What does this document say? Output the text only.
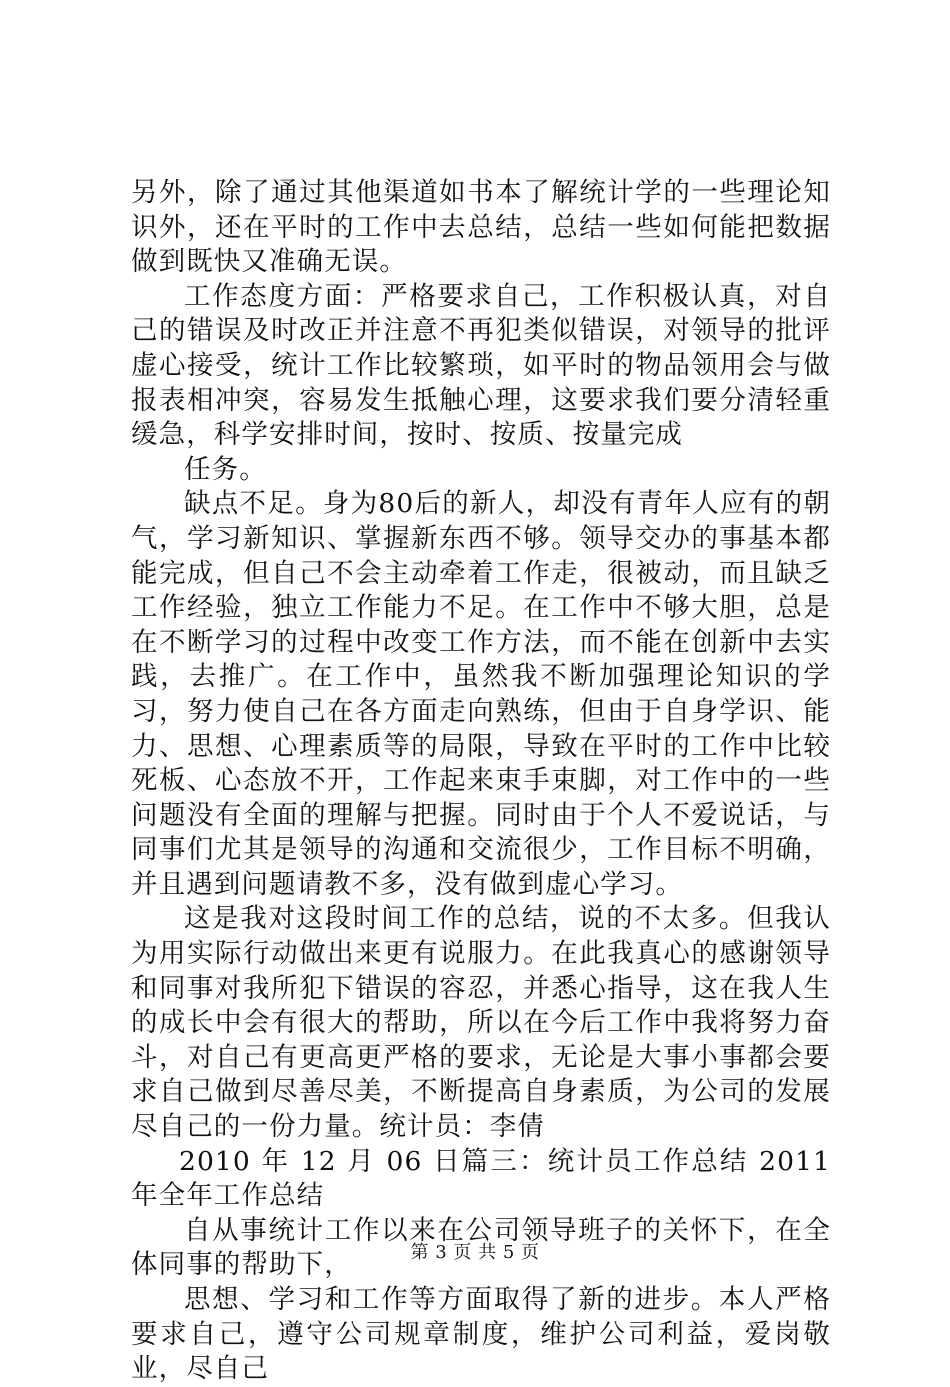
另外，除了通过其他渠道如书本了解统计学的一些理论知识外，还在平时的工作中去总结，总结一些如何能把数据做到既快又准确无误。

工作态度方面：严格要求自己，工作积极认真，对自己的错误及时改正并注意不再犯类似错误，对领导的批评虚心接受，统计工作比较繁琐，如平时的物品领用会与做报表相冲突，容易发生抵触心理，这要求我们要分清轻重缓急，科学安排时间，按时、按质、按量完成

任务。

缺点不足。身为80后的新人，却没有青年人应有的朝气，学习新知识、掌握新东西不够。领导交办的事基本都能完成，但自己不会主动牵着工作走，很被动，而且缺乏工作经验，独立工作能力不足。在工作中不够大胆，总是在不断学习的过程中改变工作方法，而不能在创新中去实践，去推广。在工作中，虽然我不断加强理论知识的学习，努力使自己在各方面走向熟练，但由于自身学识、能力、思想、心理素质等的局限，导致在平时的工作中比较死板、心态放不开，工作起来束手束脚，对工作中的一些问题没有全面的理解与把握。同时由于个人不爱说话，与同事们尤其是领导的沟通和交流很少，工作目标不明确，并且遇到问题请教不多，没有做到虚心学习。

这是我对这段时间工作的总结，说的不太多。但我认为用实际行动做出来更有说服力。在此我真心的感谢领导和同事对我所犯下错误的容忍，并悉心指导，这在我人生的成长中会有很大的帮助，所以在今后工作中我将努力奋斗，对自己有更高更严格的要求，无论是大事小事都会要求自己做到尽善尽美，不断提高自身素质，为公司的发展尽自己的一份力量。统计员：李倩

2010 年 12 月 06 日篇三：统计员工作总结 2011 年全年工作总结

自从事统计工作以来在公司领导班子的关怀下，在全体同事的帮助下，

思想、学习和工作等方面取得了新的进步。本人严格要求自己，遵守公司规章制度，维护公司利益，爱岗敬业，尽自己

第 3 页 共 5 页
